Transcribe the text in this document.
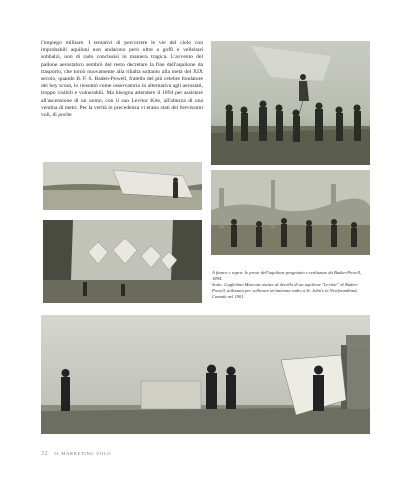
l'impiego militare. I tentativi di percorrere le vie del cielo con improbabili aquiloni non andarono però oltre a goffi e velleitari sobbalzi, non di rado conclusisi in maniera tragica. L'avvento del pallone aerostatico sembrò del resto decretare la fine dell'aquilone da trasporto, che tornò nuovamente alla ribalta soltanto alla metà del XIX secolo, quando B. F. S. Baden-Powell, fratello del più celebre fondatore dei boy scout, lo riesumò come osservatorio in alternativa agli aerostati, troppo visibili e vulnerabili. Ma bisogna attendere il 1894 per assistere all'ascensione di un uomo, con il suo Levitor Kite, all'altezza di una ventina di metri. Per la verità in precedenza vi erano stati dei brevissimi voli, di poche

A fianco e sopra: le prove dell'aquilone progettato e realizzato da Baden-Powell, 1894.

Sotto: Guglielmo Marconi assiste al decollo di un aquilone "Levitor" di Baden-Powell, utilizzato per sollevare un'antenna radio a St. John's in Newfoundland, Canada nel 1901.

32 IL MARKETING VOLO
